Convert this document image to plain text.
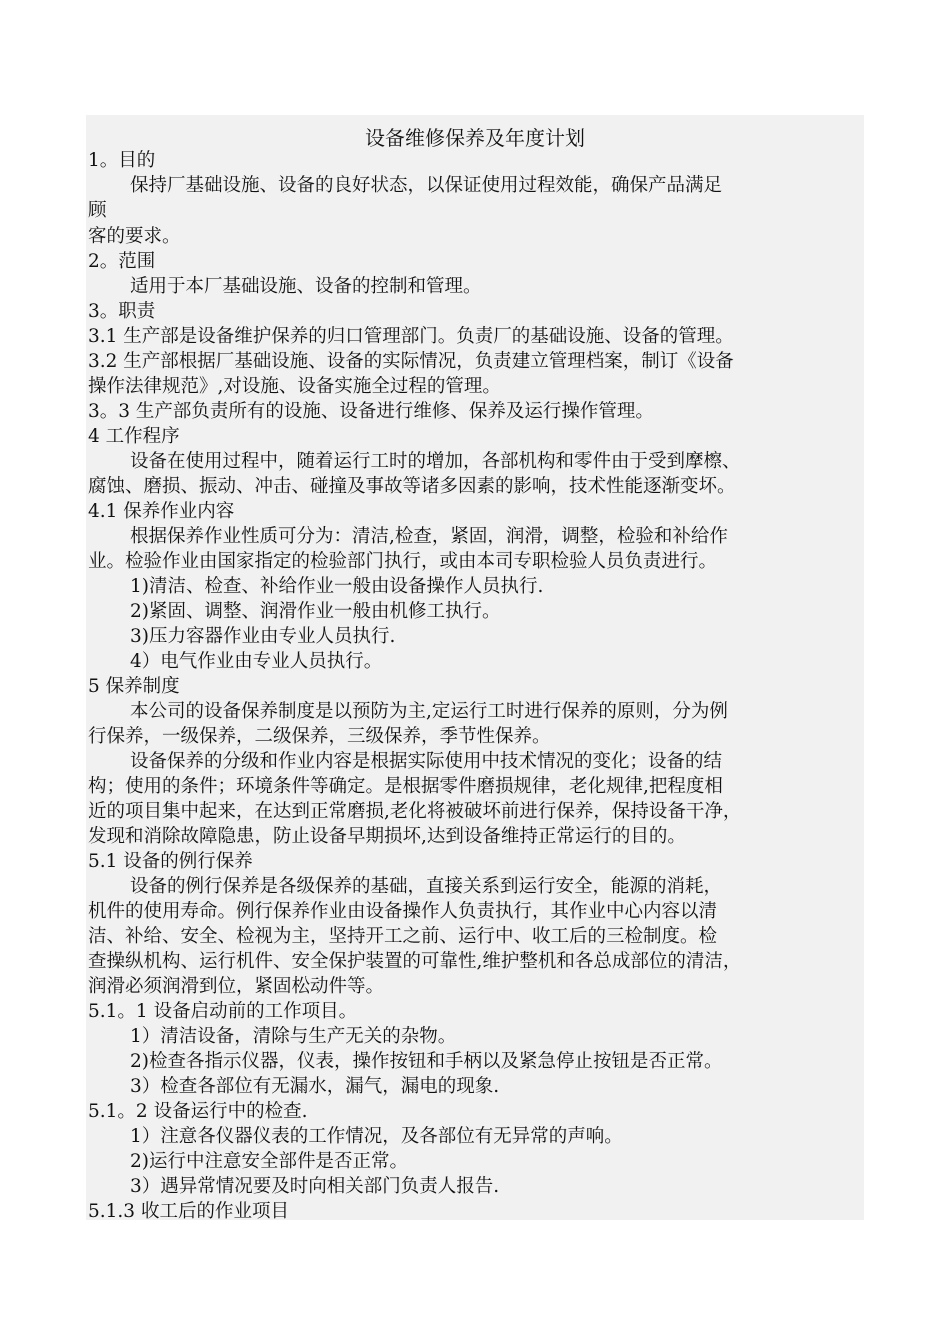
设备维修保养及年度计划
1。目的
保持厂基础设施、设备的良好状态，以保证使用过程效能，确保产品满足
顾
客的要求。
2。范围
适用于本厂基础设施、设备的控制和管理。
3。职责
3.1 生产部是设备维护保养的归口管理部门。负责厂的基础设施、设备的管理。
3.2 生产部根据厂基础设施、设备的实际情况，负责建立管理档案，制订《设备
操作法律规范》,对设施、设备实施全过程的管理。
3。3 生产部负责所有的设施、设备进行维修、保养及运行操作管理。
4 工作程序
设备在使用过程中，随着运行工时的增加，各部机构和零件由于受到摩檫、
腐蚀、磨损、振动、冲击、碰撞及事故等诸多因素的影响，技术性能逐渐变坏。
4.1 保养作业内容
根据保养作业性质可分为：清洁,检查，紧固，润滑，调整，检验和补给作
业。检验作业由国家指定的检验部门执行，或由本司专职检验人员负责进行。
1)清洁、检查、补给作业一般由设备操作人员执行.
2)紧固、调整、润滑作业一般由机修工执行。
3)压力容器作业由专业人员执行.
4）电气作业由专业人员执行。
5 保养制度
本公司的设备保养制度是以预防为主,定运行工时进行保养的原则，分为例
行保养，一级保养，二级保养，三级保养，季节性保养。
设备保养的分级和作业内容是根据实际使用中技术情况的变化；设备的结
构；使用的条件；环境条件等确定。是根据零件磨损规律，老化规律,把程度相
近的项目集中起来，在达到正常磨损,老化将被破坏前进行保养，保持设备干净，
发现和消除故障隐患，防止设备早期损坏,达到设备维持正常运行的目的。
5.1 设备的例行保养
设备的例行保养是各级保养的基础，直接关系到运行安全，能源的消耗，
机件的使用寿命。例行保养作业由设备操作人负责执行，其作业中心内容以清
洁、补给、安全、检视为主，坚持开工之前、运行中、收工后的三检制度。检
查操纵机构、运行机件、安全保护装置的可靠性,维护整机和各总成部位的清洁，
润滑必须润滑到位，紧固松动件等。
5.1。1 设备启动前的工作项目。
1）清洁设备，清除与生产无关的杂物。
2)检查各指示仪器，仪表，操作按钮和手柄以及紧急停止按钮是否正常。
3）检查各部位有无漏水，漏气，漏电的现象.
5.1。2 设备运行中的检查.
1）注意各仪器仪表的工作情况，及各部位有无异常的声响。
2)运行中注意安全部件是否正常。
3）遇异常情况要及时向相关部门负责人报告.
5.1.3 收工后的作业项目
